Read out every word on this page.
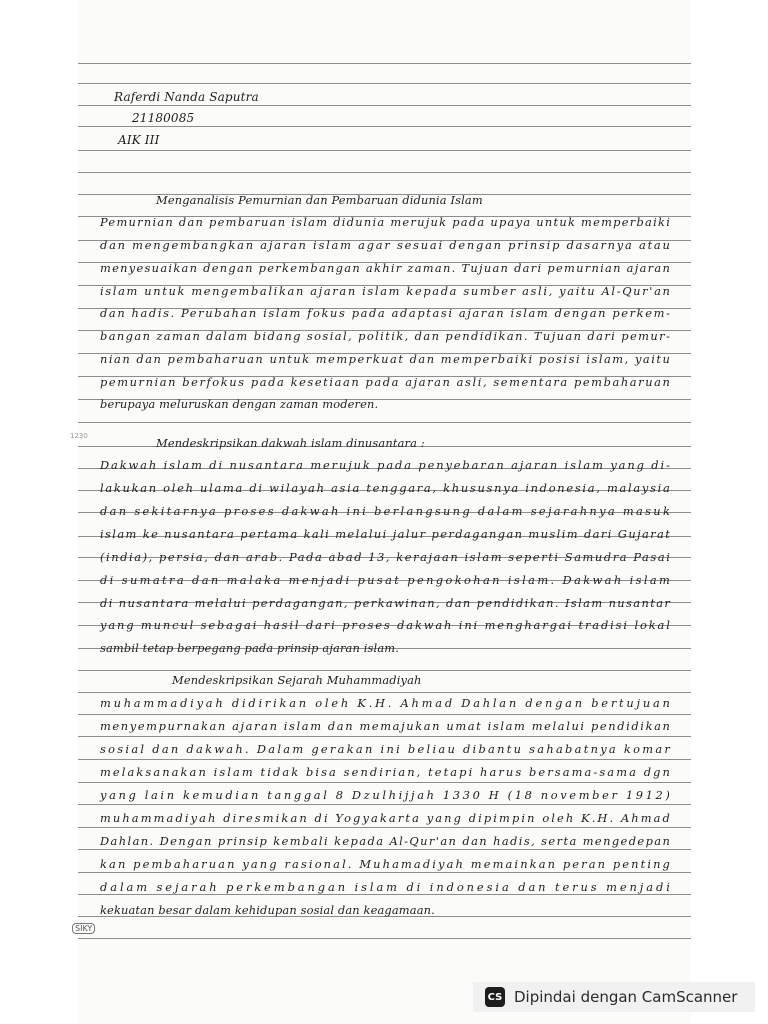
Raferdi Nanda Saputra
21180085
AIK III
Menganalisis Pemurnian dan Pembaruan didunia Islam
Pemurnian dan pembaruan islam didunia merujuk pada upaya untuk memperbaiki
dan mengembangkan ajaran islam agar sesuai dengan prinsip dasarnya atau
menyesuaikan dengan perkembangan akhir zaman. Tujuan dari pemurnian ajaran
islam untuk mengembalikan ajaran islam kepada sumber asli, yaitu Al-Qur'an
dan hadis. Perubahan islam fokus pada adaptasi ajaran islam dengan perkem-
bangan zaman dalam bidang sosial, politik, dan pendidikan. Tujuan dari pemur-
nian dan pembaharuan untuk memperkuat dan memperbaiki posisi islam, yaitu
pemurnian berfokus pada kesetiaan pada ajaran asli, sementara pembaharuan
berupaya meluruskan dengan zaman moderen.
Mendeskripsikan dakwah islam dinusantara :
Dakwah islam di nusantara merujuk pada penyebaran ajaran islam yang di-
lakukan oleh ulama di wilayah asia tenggara, khususnya indonesia, malaysia
dan sekitarnya proses dakwah ini berlangsung dalam sejarahnya masuk
islam ke nusantara pertama kali melalui jalur perdagangan muslim dari Gujarat
(india), persia, dan arab. Pada abad 13, kerajaan islam seperti Samudra Pasai
di sumatra dan malaka menjadi pusat pengokohan islam. Dakwah islam
di nusantara melalui perdagangan, perkawinan, dan pendidikan. Islam nusantar
yang muncul sebagai hasil dari proses dakwah ini menghargai tradisi lokal
sambil tetap berpegang pada prinsip ajaran islam.
Mendeskripsikan Sejarah Muhammadiyah
muhammadiyah didirikan oleh K.H. Ahmad Dahlan dengan bertujuan
menyempurnakan ajaran islam dan memajukan umat islam melalui pendidikan
sosial dan dakwah. Dalam gerakan ini beliau dibantu sahabatnya komar
melaksanakan islam tidak bisa sendirian, tetapi harus bersama-sama dgn
yang lain kemudian tanggal 8 Dzulhijjah 1330 H (18 november 1912)
muhammadiyah diresmikan di Yogyakarta yang dipimpin oleh K.H. Ahmad
Dahlan. Dengan prinsip kembali kepada Al-Qur'an dan hadis, serta mengedepan
kan pembaharuan yang rasional. Muhamadiyah memainkan peran penting
dalam sejarah perkembangan islam di indonesia dan terus menjadi
kekuatan besar dalam kehidupan sosial dan keagamaan.
1230
SIKY
CS Dipindai dengan CamScanner
